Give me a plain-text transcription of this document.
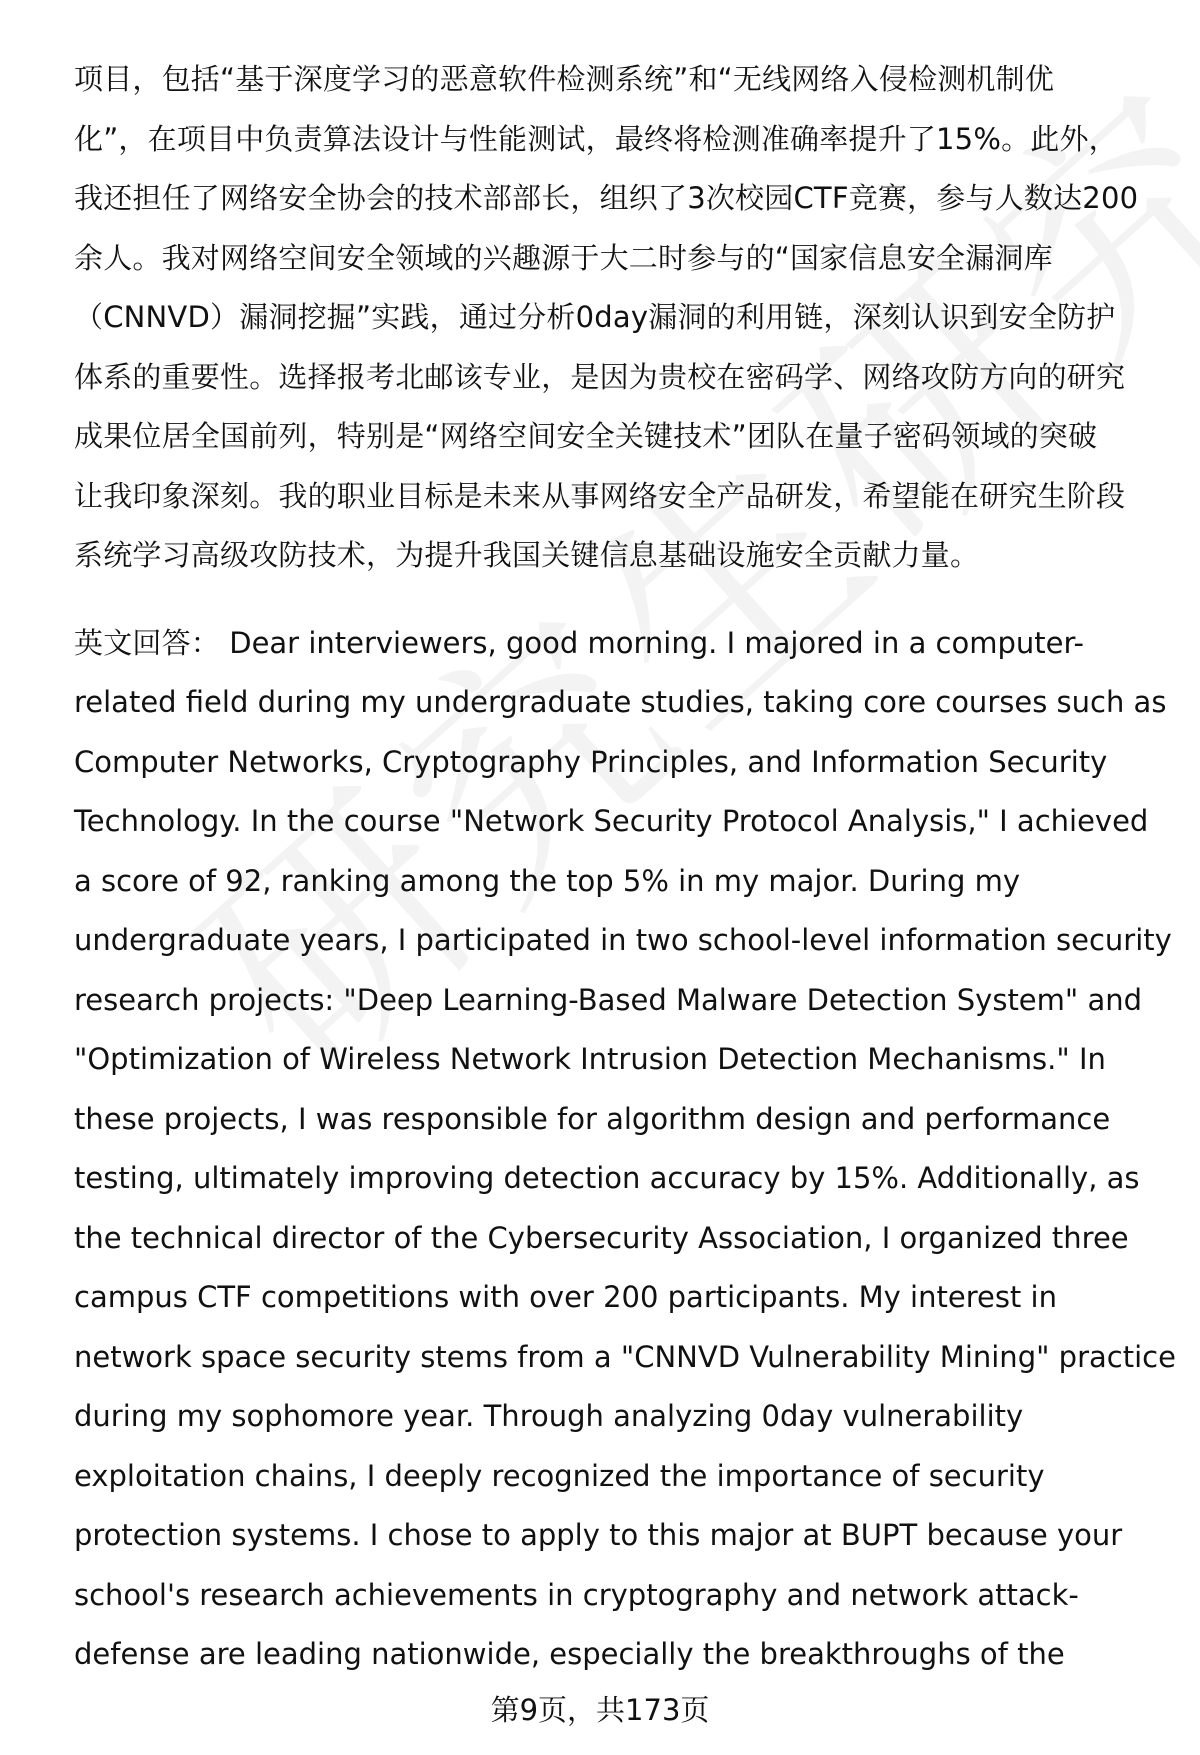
项目，包括“基于深度学习的恶意软件检测系统”和“无线网络入侵检测机制优
化”，在项目中负责算法设计与性能测试，最终将检测准确率提升了15%。此外，
我还担任了网络安全协会的技术部部长，组织了3次校园CTF竞赛，参与人数达200
余人。我对网络空间安全领域的兴趣源于大二时参与的“国家信息安全漏洞库
（CNNVD）漏洞挖掘”实践，通过分析0day漏洞的利用链，深刻认识到安全防护
体系的重要性。选择报考北邮该专业，是因为贵校在密码学、网络攻防方向的研究
成果位居全国前列，特别是“网络空间安全关键技术”团队在量子密码领域的突破
让我印象深刻。我的职业目标是未来从事网络安全产品研发，希望能在研究生阶段
系统学习高级攻防技术，为提升我国关键信息基础设施安全贡献力量。
英文回答： Dear interviewers, good morning. I majored in a computer-
related field during my undergraduate studies, taking core courses such as
Computer Networks, Cryptography Principles, and Information Security
Technology. In the course "Network Security Protocol Analysis," I achieved
a score of 92, ranking among the top 5% in my major. During my
undergraduate years, I participated in two school-level information security
research projects: "Deep Learning-Based Malware Detection System" and
"Optimization of Wireless Network Intrusion Detection Mechanisms." In
these projects, I was responsible for algorithm design and performance
testing, ultimately improving detection accuracy by 15%. Additionally, as
the technical director of the Cybersecurity Association, I organized three
campus CTF competitions with over 200 participants. My interest in
network space security stems from a "CNNVD Vulnerability Mining" practice
during my sophomore year. Through analyzing 0day vulnerability
exploitation chains, I deeply recognized the importance of security
protection systems. I chose to apply to this major at BUPT because your
school's research achievements in cryptography and network attack-
defense are leading nationwide, especially the breakthroughs of the
第9页，共173页
